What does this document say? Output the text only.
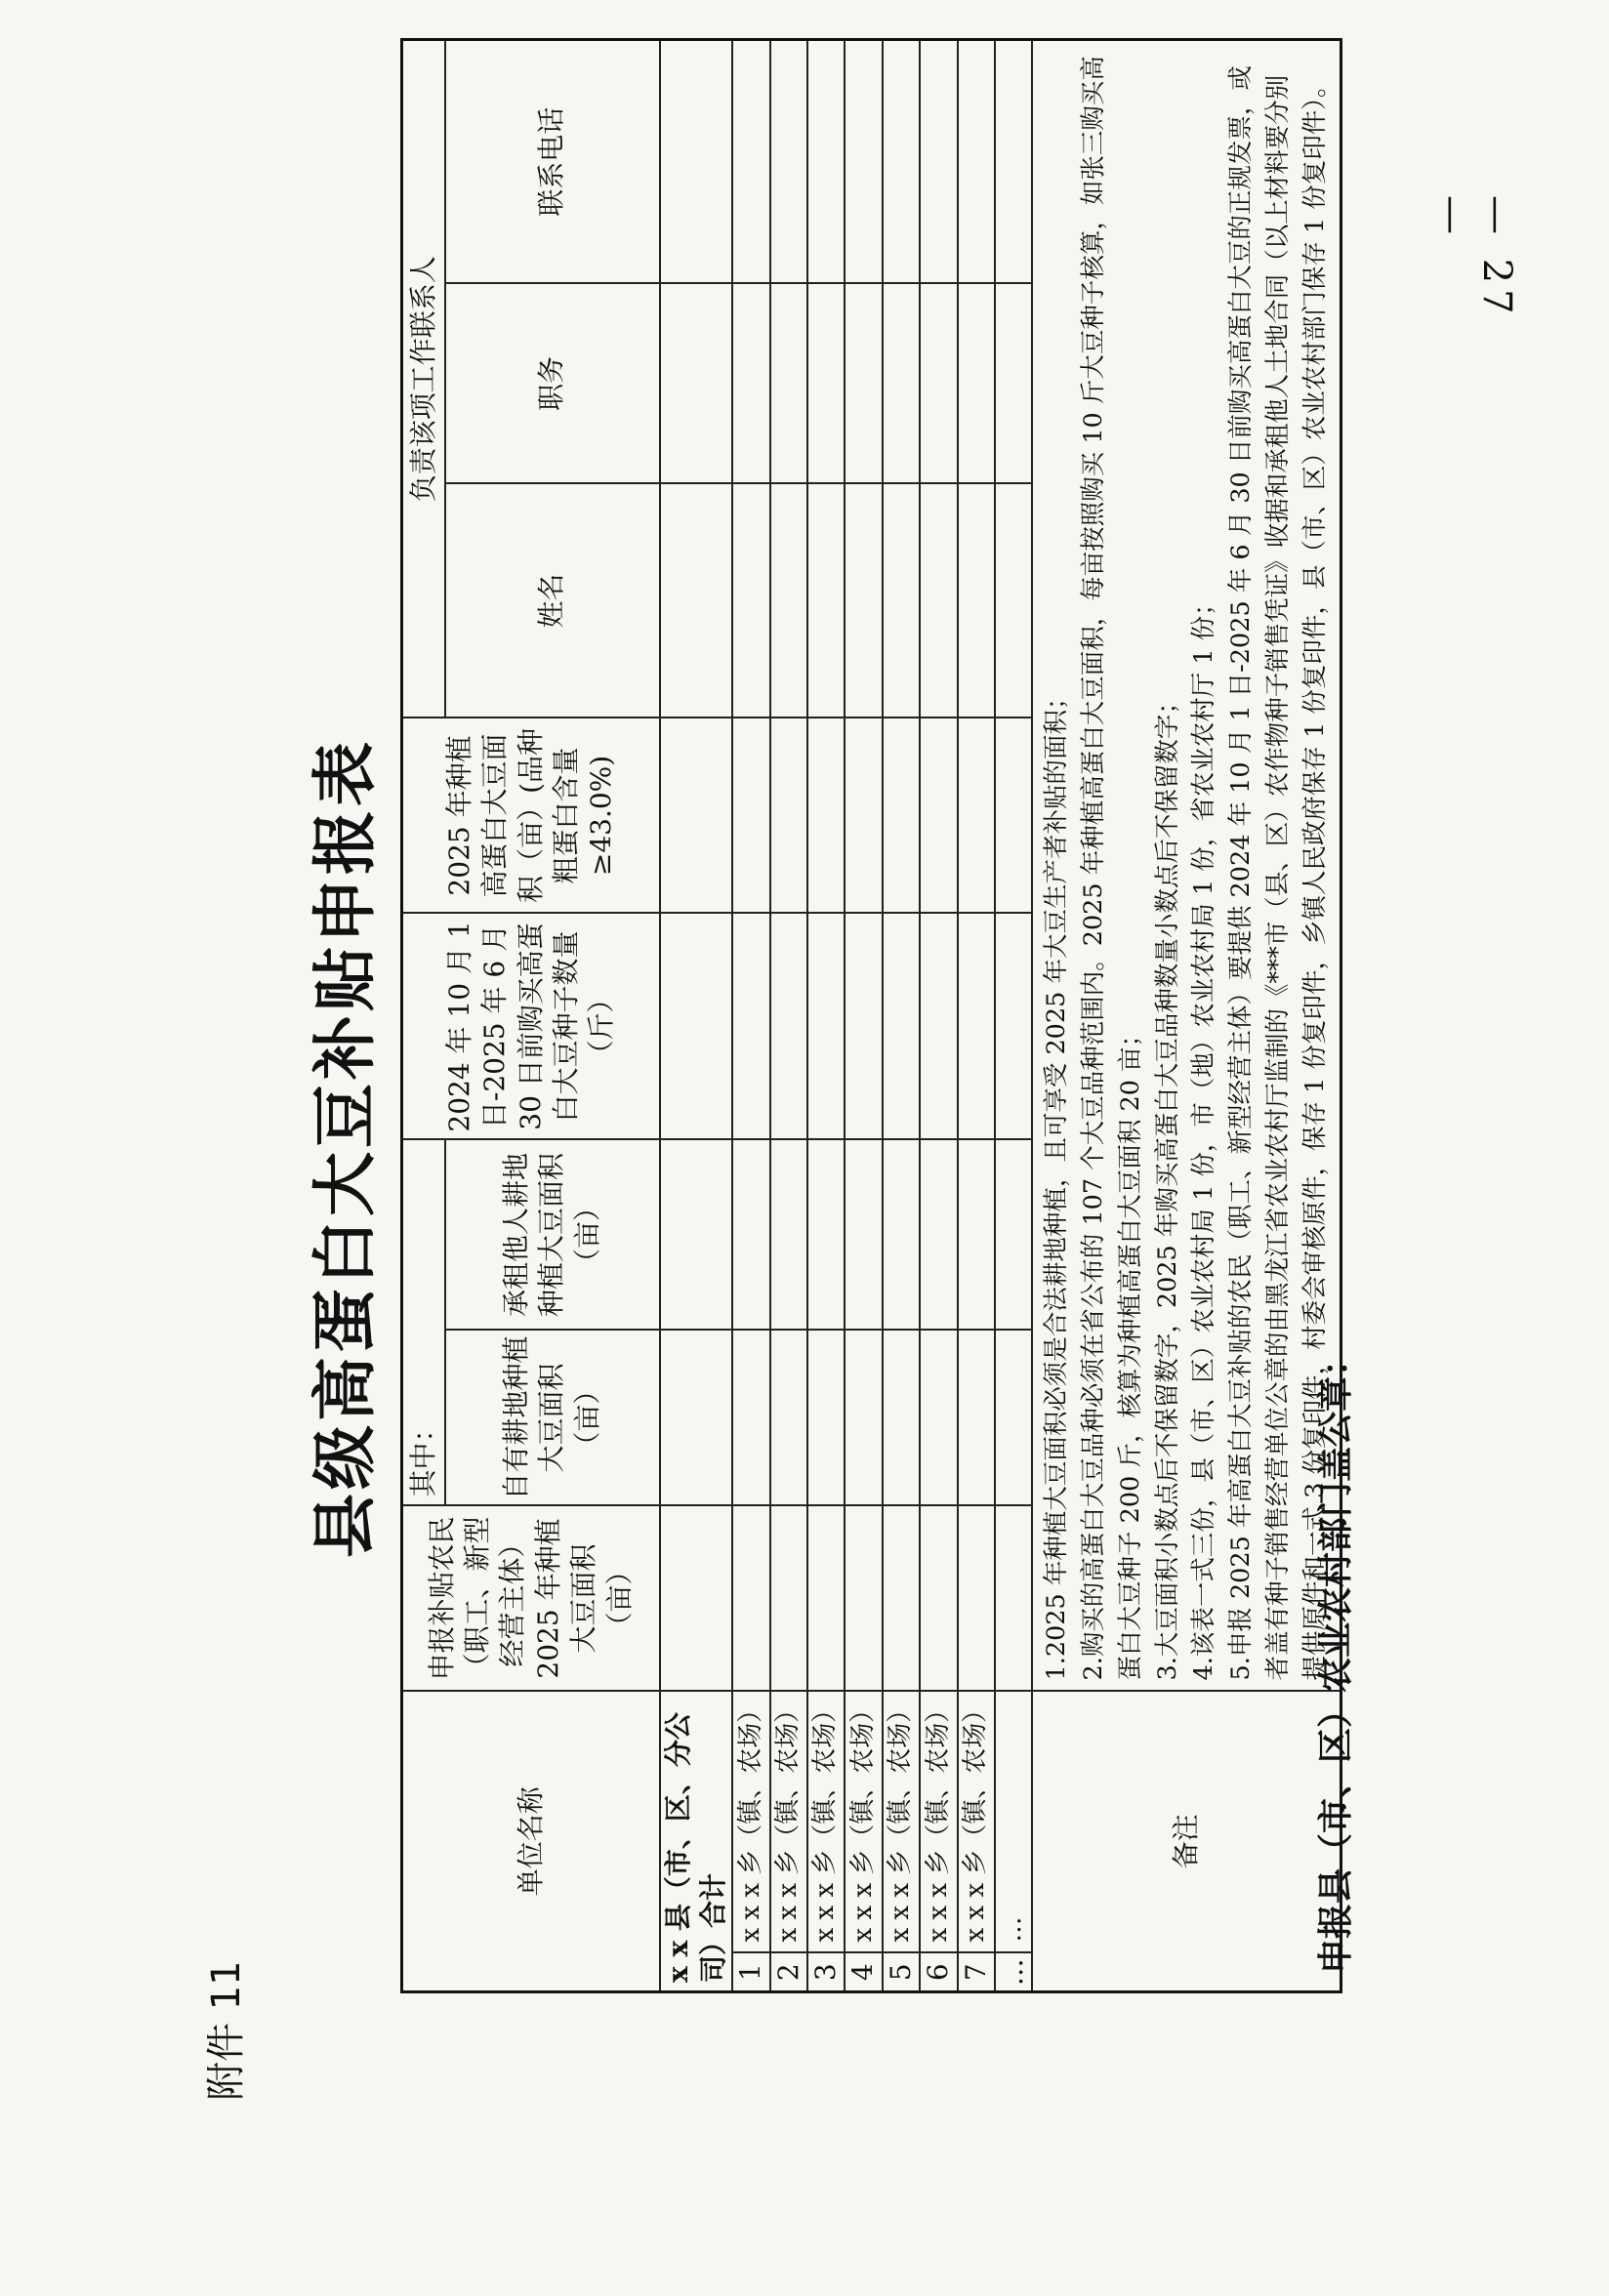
— 27 —
附件 11
县级高蛋白大豆补贴申报表
单位名称		申报补贴农民（职工、新型经营主体）2025 年种植大豆面积（亩）	其中：		2024 年 10 月 1 日-2025 年 6 月 30 日前购买高蛋白大豆种子数量（斤）	2025 年种植高蛋白大豆面积（亩）(品种粗蛋白含量≥43.0%)	负责该项工作联系人		
			自有耕地种植大豆面积（亩）	承租他人耕地种植大豆面积（亩）			姓名	职务	联系电话

x x 县（市、区、分公司）合计									
1	x x x 乡（镇、农场）								
2	x x x 乡（镇、农场）								
3	x x x 乡（镇、农场）								
4	x x x 乡（镇、农场）								
5	x x x 乡（镇、农场）								
6	x x x 乡（镇、农场）								
7	x x x 乡（镇、农场）								
…	…								
备注		1.2025 年种植大豆面积必须是合法耕地种植，且可享受 2025 年大豆生产者补贴的面积； 2.购买的高蛋白大豆品种必须在省公布的 107 个大豆品种范围内。2025 年种植高蛋白大豆面积，每亩按照购买 10 斤大豆种子核算，如张三购买高蛋白大豆种子 200 斤，核算为种植高蛋白大豆面积 20 亩； 3.大豆面积小数点后不保留数字，2025 年购买高蛋白大豆品种数量小数点后不保留数字； 4.该表一式三份，县（市、区）农业农村局 1 份，市（地）农业农村局 1 份，省农业农村厅 1 份； 5.申报 2025 年高蛋白大豆补贴的农民（职工、新型经营主体）要提供 2024 年 10 月 1 日-2025 年 6 月 30 日前购买高蛋白大豆的正规发票，或者盖有种子销售经营单位公章的由黑龙江省农业农村厅监制的《***市（县、区）农作物种子销售凭证》收据和承租他人土地合同（以上材料要分别提供原件和一式 3 份复印件，村委会审核原件，保存 1 份复印件，乡镇人民政府保存 1 份复印件，县（市、区）农业农村部门保存 1 份复印件）。							

申报县（市、区）农业农村部门盖公章：
